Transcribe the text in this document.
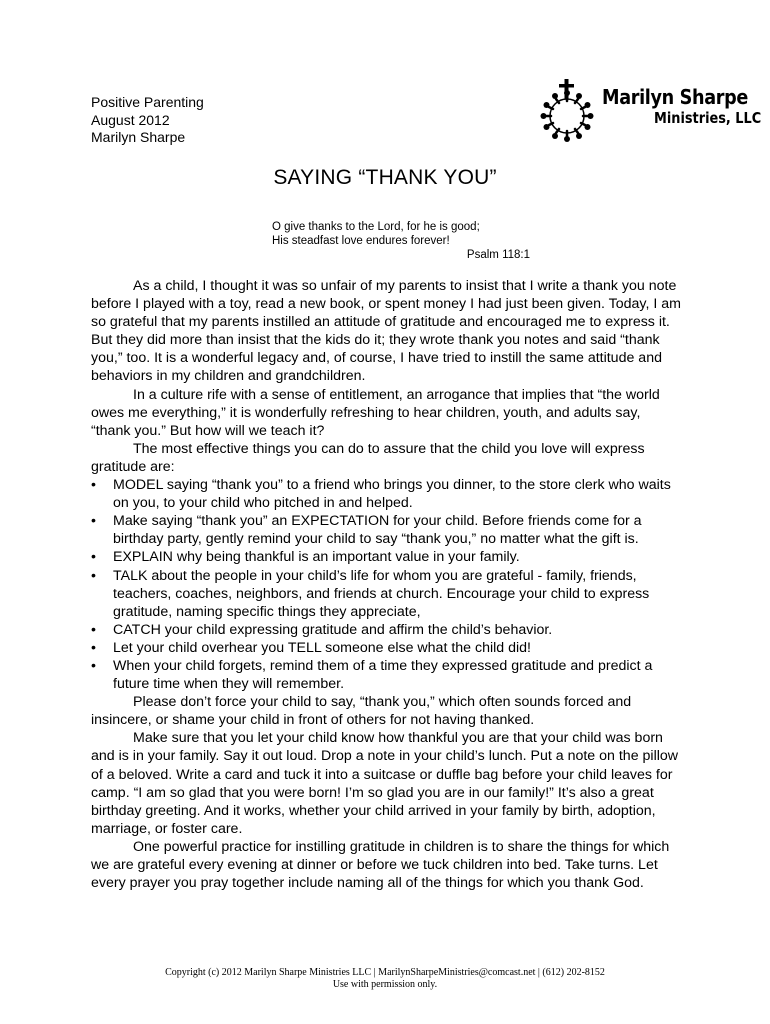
Positive Parenting
August 2012
Marilyn Sharpe
Marilyn Sharpe
Ministries, LLC
SAYING “THANK YOU”
O give thanks to the Lord, for he is good;
His steadfast love endures forever!
Psalm 118:1

As a child, I thought it was so unfair of my parents to insist that I write a thank you note before I played with a toy, read a new book, or spent money I had just been given. Today, I am so grateful that my parents instilled an attitude of gratitude and encouraged me to express it. But they did more than insist that the kids do it; they wrote thank you notes and said “thank you,” too. It is a wonderful legacy and, of course, I have tried to instill the same attitude and behaviors in my children and grandchildren.

In a culture rife with a sense of entitlement, an arrogance that implies that “the world owes me everything,” it is wonderfully refreshing to hear children, youth, and adults say, “thank you.” But how will we teach it?

The most effective things you can do to assure that the child you love will express gratitude are:

•	MODEL saying “thank you” to a friend who brings you dinner, to the store clerk who waits on you, to your child who pitched in and helped.
•	Make saying “thank you” an EXPECTATION for your child. Before friends come for a birthday party, gently remind your child to say “thank you,” no matter what the gift is.
•	EXPLAIN why being thankful is an important value in your family.
•	TALK about the people in your child’s life for whom you are grateful - family, friends, teachers, coaches, neighbors, and friends at church. Encourage your child to express gratitude, naming specific things they appreciate,
•	CATCH your child expressing gratitude and affirm the child’s behavior.
•	Let your child overhear you TELL someone else what the child did!
•	When your child forgets, remind them of a time they expressed gratitude and predict a future time when they will remember.

Please don’t force your child to say, “thank you,” which often sounds forced and insincere, or shame your child in front of others for not having thanked.

Make sure that you let your child know how thankful you are that your child was born and is in your family. Say it out loud. Drop a note in your child’s lunch. Put a note on the pillow of a beloved. Write a card and tuck it into a suitcase or duffle bag before your child leaves for camp. “I am so glad that you were born! I’m so glad you are in our family!” It’s also a great birthday greeting. And it works, whether your child arrived in your family by birth, adoption, marriage, or foster care.

One powerful practice for instilling gratitude in children is to share the things for which we are grateful every evening at dinner or before we tuck children into bed. Take turns. Let every prayer you pray together include naming all of the things for which you thank God.

Copyright (c) 2012 Marilyn Sharpe Ministries LLC | MarilynSharpeMinistries@comcast.net | (612) 202-8152
Use with permission only.
